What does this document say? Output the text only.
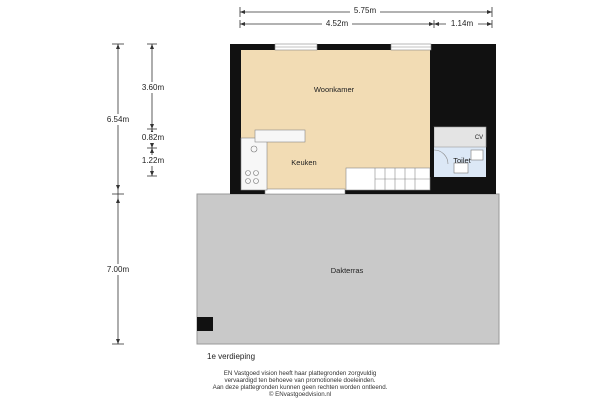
5.75m
4.52m	1.14m
6.54m
7.00m
3.60m
0.82m
1.22m
Woonkamer
Keuken	Toilet
CV
Dakterras
1e verdieping
EN Vastgoed vision heeft haar plattegronden zorgvuldig
vervaardigd ten behoeve van promotionele doeleinden.
Aan deze plattegronden kunnen geen rechten worden ontleend.
© ENvastgoedvision.nl
